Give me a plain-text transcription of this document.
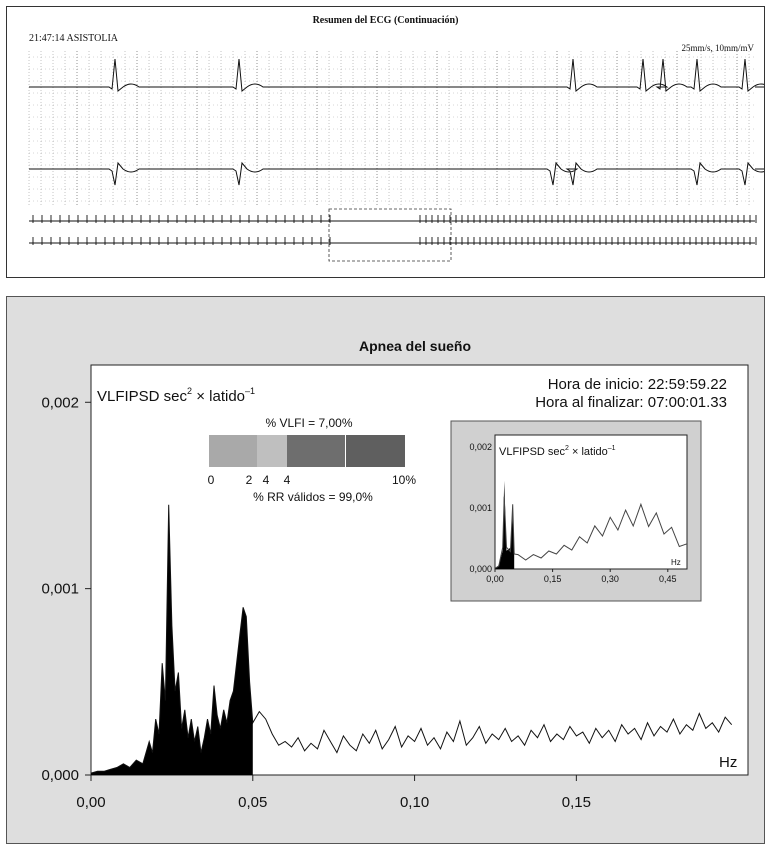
Resumen del ECG (Continuación)
21:47:14 ASISTOLIA
25mm/s, 10mm/mV
Apnea del sueño
0,000
0,001
0,002
0,00	0,05	0,10	0,15
VLFIPSD $\sec^2$ × latido$^{-1}$	Hora de inicio: 22:59:59.22
Hora al finalizar: 07:00:01.33
Hz
% VLFI = 7,00%
0	2 4 4	10%
% RR válidos = 99,0%
0,000
0,001
0,002
0,00	0,15	0,30	0,45
VLFIPSD $\sec^2$ × latido$^{-1}$
Hz
